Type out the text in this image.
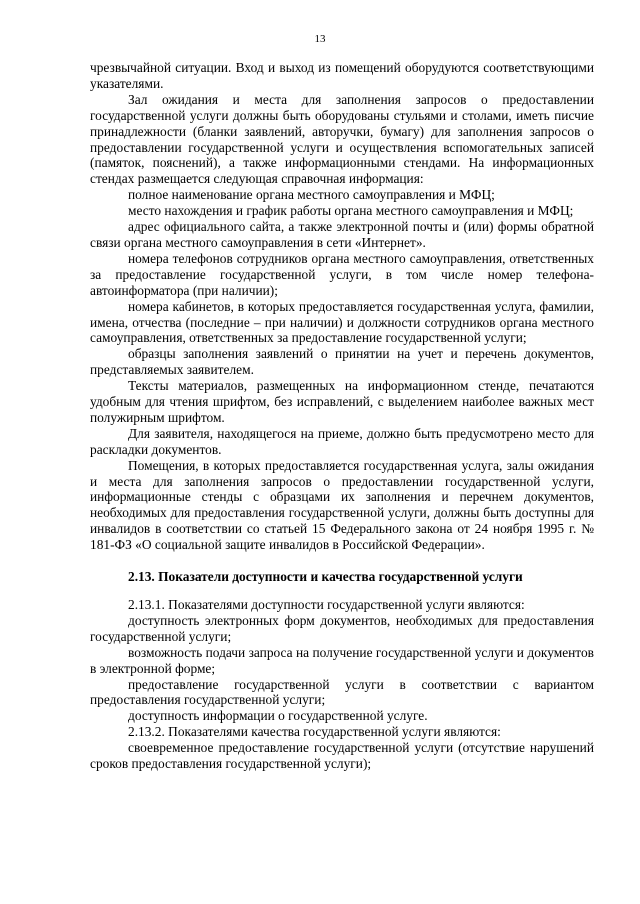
13

чрезвычайной ситуации. Вход и выход из помещений оборудуются соответствующими указателями.

Зал ожидания и места для заполнения запросов о предоставлении государственной услуги должны быть оборудованы стульями и столами, иметь писчие принадлежности (бланки заявлений, авторучки, бумагу) для заполнения запросов о предоставлении государственной услуги и осуществления вспомогательных записей (памяток, пояснений), а также информационными стендами. На информационных стендах размещается следующая справочная информация:

полное наименование органа местного самоуправления и МФЦ;

место нахождения и график работы органа местного самоуправления и МФЦ;

адрес официального сайта, а также электронной почты и (или) формы обратной связи органа местного самоуправления в сети «Интернет».

номера телефонов сотрудников органа местного самоуправления, ответственных за предоставление государственной услуги, в том числе номер телефона-автоинформатора (при наличии);

номера кабинетов, в которых предоставляется государственная услуга, фамилии, имена, отчества (последние – при наличии) и должности сотрудников органа местного самоуправления, ответственных за предоставление государственной услуги;

образцы заполнения заявлений о принятии на учет и перечень документов, представляемых заявителем.

Тексты материалов, размещенных на информационном стенде, печатаются удобным для чтения шрифтом, без исправлений, с выделением наиболее важных мест полужирным шрифтом.

Для заявителя, находящегося на приеме, должно быть предусмотрено место для раскладки документов.

Помещения, в которых предоставляется государственная услуга, залы ожидания и места для заполнения запросов о предоставлении государственной услуги, информационные стенды с образцами их заполнения и перечнем документов, необходимых для предоставления государственной услуги, должны быть доступны для инвалидов в соответствии со статьей 15 Федерального закона от 24 ноября 1995 г. № 181-ФЗ «О социальной защите инвалидов в Российской Федерации».

2.13. Показатели доступности и качества государственной услуги

2.13.1. Показателями доступности государственной услуги являются:

доступность электронных форм документов, необходимых для предоставления государственной услуги;

возможность подачи запроса на получение государственной услуги и документов в электронной форме;

предоставление государственной услуги в соответствии с вариантом предоставления государственной услуги;

доступность информации о государственной услуге.

2.13.2. Показателями качества государственной услуги являются:

своевременное предоставление государственной услуги (отсутствие нарушений сроков предоставления государственной услуги);
